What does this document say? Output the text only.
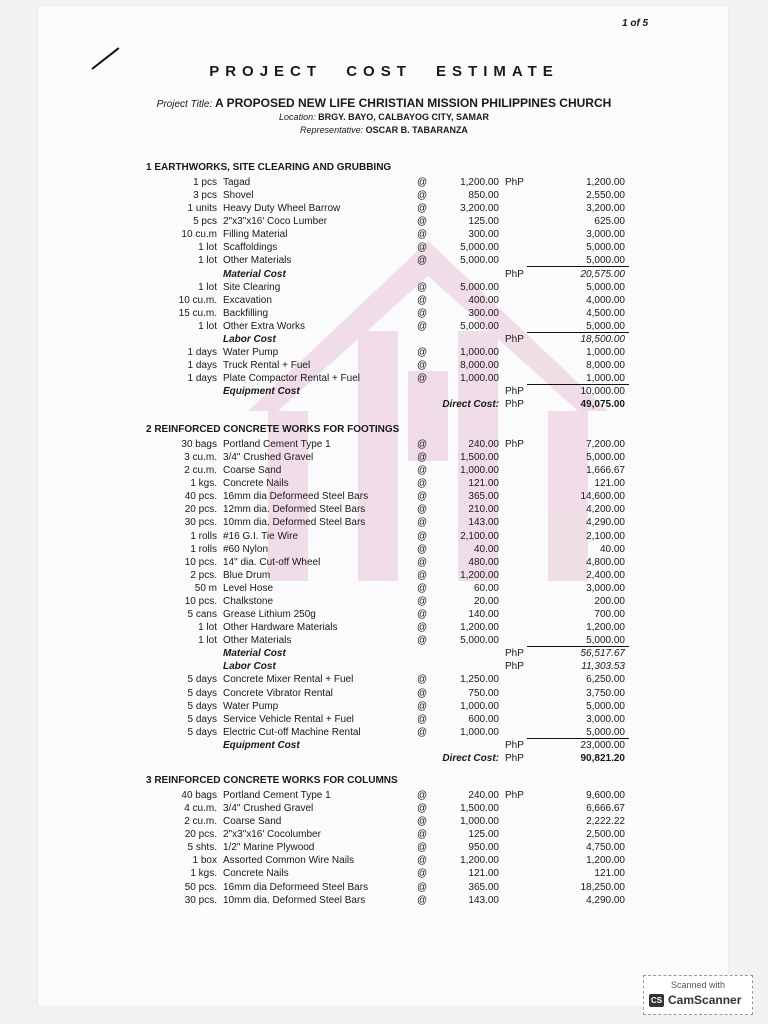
1 of 5
PROJECT COST ESTIMATE
Project Title: A PROPOSED NEW LIFE CHRISTIAN MISSION PHILIPPINES CHURCH
Location: BRGY. BAYO, CALBAYOG CITY, SAMAR
Representative: OSCAR B. TABARANZA
1 EARTHWORKS, SITE CLEARING AND GRUBBING
1 pcs Tagad	@	1,200.00 PhP	1,200.00
3 pcs Shovel	@	850.00	2,550.00
1 units Heavy Duty Wheel Barrow	@	3,200.00	3,200.00
5 pcs 2"x3"x16' Coco Lumber	@	125.00	625.00
10 cu.m Filling Material	@	300.00	3,000.00
1 lot Scaffoldings	@	5,000.00	5,000.00
1 lot Other Materials	@	5,000.00	5,000.00
Material Cost	PhP	20,575.00
1 lot Site Clearing	@	5,000.00	5,000.00
10 cu.m. Excavation	@	400.00	4,000.00
15 cu.m. Backfilling	@	300.00	4,500.00
1 lot Other Extra Works	@	5,000.00	5,000.00
Labor Cost	PhP	18,500.00
1 days Water Pump	@	1,000.00	1,000.00
1 days Truck Rental + Fuel	@	8,000.00	8,000.00
1 days Plate Compactor Rental + Fuel	@	1,000.00	1,000.00
Equipment Cost	PhP	10,000.00
Direct Cost: PhP	49,075.00
2 REINFORCED CONCRETE WORKS FOR FOOTINGS
30 bags Portland Cement Type 1	@	240.00 PhP	7,200.00
3 cu.m. 3/4" Crushed Gravel	@	1,500.00	5,000.00
2 cu.m. Coarse Sand	@	1,000.00	1,666.67
1 kgs. Concrete Nails	@	121.00	121.00
40 pcs. 16mm dia Deformeed Steel Bars	@	365.00	14,600.00
20 pcs. 12mm dia. Deformed Steel Bars	@	210.00	4,200.00
30 pcs. 10mm dia. Deformed Steel Bars	@	143.00	4,290.00
1 rolls #16 G.I. Tie Wire	@	2,100.00	2,100.00
1 rolls #60 Nylon	@	40.00	40.00
10 pcs. 14" dia. Cut-off Wheel	@	480.00	4,800.00
2 pcs. Blue Drum	@	1,200.00	2,400.00
50 m Level Hose	@	60.00	3,000.00
10 pcs. Chalkstone	@	20.00	200.00
5 cans Grease Lithium 250g	@	140.00	700.00
1 lot Other Hardware Materials	@	1,200.00	1,200.00
1 lot Other Materials	@	5,000.00	5,000.00
Material Cost	PhP	56,517.67
Labor Cost	PhP	11,303.53
5 days Concrete Mixer Rental + Fuel	@	1,250.00	6,250.00
5 days Concrete Vibrator Rental	@	750.00	3,750.00
5 days Water Pump	@	1,000.00	5,000.00
5 days Service Vehicle Rental + Fuel	@	600.00	3,000.00
5 days Electric Cut-off Machine Rental	@	1,000.00	5,000.00
Equipment Cost	PhP	23,000.00
Direct Cost: PhP	90,821.20
3 REINFORCED CONCRETE WORKS FOR COLUMNS
40 bags Portland Cement Type 1	@	240.00 PhP	9,600.00
4 cu.m. 3/4" Crushed Gravel	@	1,500.00	6,666.67
2 cu.m. Coarse Sand	@	1,000.00	2,222.22
20 pcs. 2"x3"x16' Cocolumber	@	125.00	2,500.00
5 shts. 1/2" Marine Plywood	@	950.00	4,750.00
1 box Assorted Common Wire Nails	@	1,200.00	1,200.00
1 kgs. Concrete Nails	@	121.00	121.00
50 pcs. 16mm dia Deformeed Steel Bars	@	365.00	18,250.00
30 pcs. 10mm dia. Deformed Steel Bars	@	143.00	4,290.00
Scanned with
CS CamScanner
